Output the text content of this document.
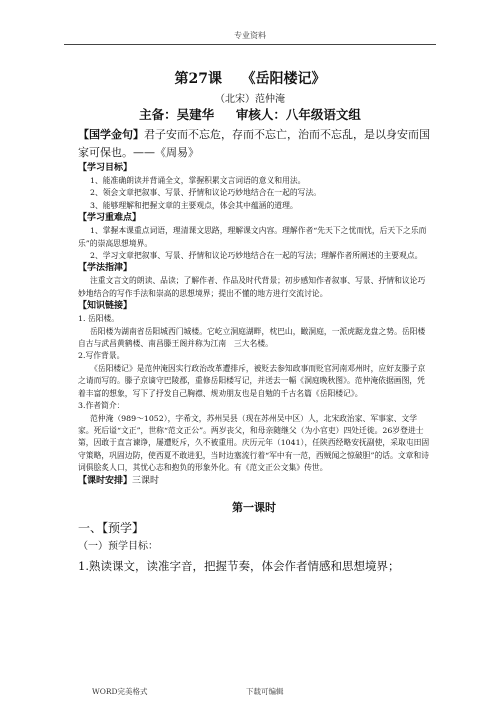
专业资料
第27课 《岳阳楼记》
（北宋）范仲淹
主备：吴建华 审核人：八年级语文组

【国学金句】君子安而不忘危，存而不忘亡，治而不忘乱，是以身安而国家可保也。——《周易》

【学习目标】

1、能准确朗读并背诵全文，掌握积累文言词语的意义和用法。

2、领会文章把叙事、写景、抒情和议论巧妙地结合在一起的写法。

3、能够理解和把握文章的主要观点，体会其中蕴涵的道理。

【学习重难点】

1、掌握本课重点词语，理清课文思路，理解课文内容。理解作者“先天下之忧而忧，后天下之乐而乐”的崇高思想境界。

2、学习文章把叙事、写景、抒情和议论巧妙地结合在一起的写法；理解作者所阐述的主要观点。

【学法指津】

注重文言文的朗读、品读；了解作者、作品及时代背景；初步感知作者叙事、写景、抒情和议论巧妙地结合的写作手法和崇高的思想境界；提出不懂的地方进行交流讨论。

【知识链接】

1. 岳阳楼。

岳阳楼为湖南省岳阳城西门城楼。它屹立洞庭湖畔，枕巴山，瞰洞庭，一派虎踞龙盘之势。岳阳楼自古与武昌黄鹤楼、南昌滕王阁并称为江南　三大名楼。

2.写作背景。

《岳阳楼记》是范仲淹因实行政治改革遭排斥，被贬去参知政事而贬官河南邓州时，应好友滕子京之请而写的。滕子京谪守巴陵郡，重修岳阳楼写记，并送去一幅《洞庭晚秋图》。范仲淹依据画图，凭着丰富的想象，写下了抒发自己胸襟、规劝朋友也是自勉的千古名篇《岳阳楼记》。

3.作者简介：

范仲淹（989～1052），字希文，苏州吴县（现在苏州吴中区）人，北宋政治家、军事家、文学家。死后谥“文正”，世称“范文正公”。两岁丧父，和母亲随继父（为小官吏）四处迁徙。26岁登进士第，因敢于直言谏诤，屡遭贬斥，久不被重用。庆历元年（1041），任陕西经略安抚副使，采取屯田固守策略，巩固边防，使西夏不敢进犯，当时边塞流行着“军中有一范，西贼闻之惊破胆”的话。文章和诗词俱脍炙人口，其忧心志和抱负的形象外化。有《范文正公文集》传世。

【课时安排】三课时

第一课时

一、【预学】

（一）预学目标：

1.熟读课文，读准字音，把握节奏，体会作者情感和思想境界；

WORD完美格式	下载可编辑
